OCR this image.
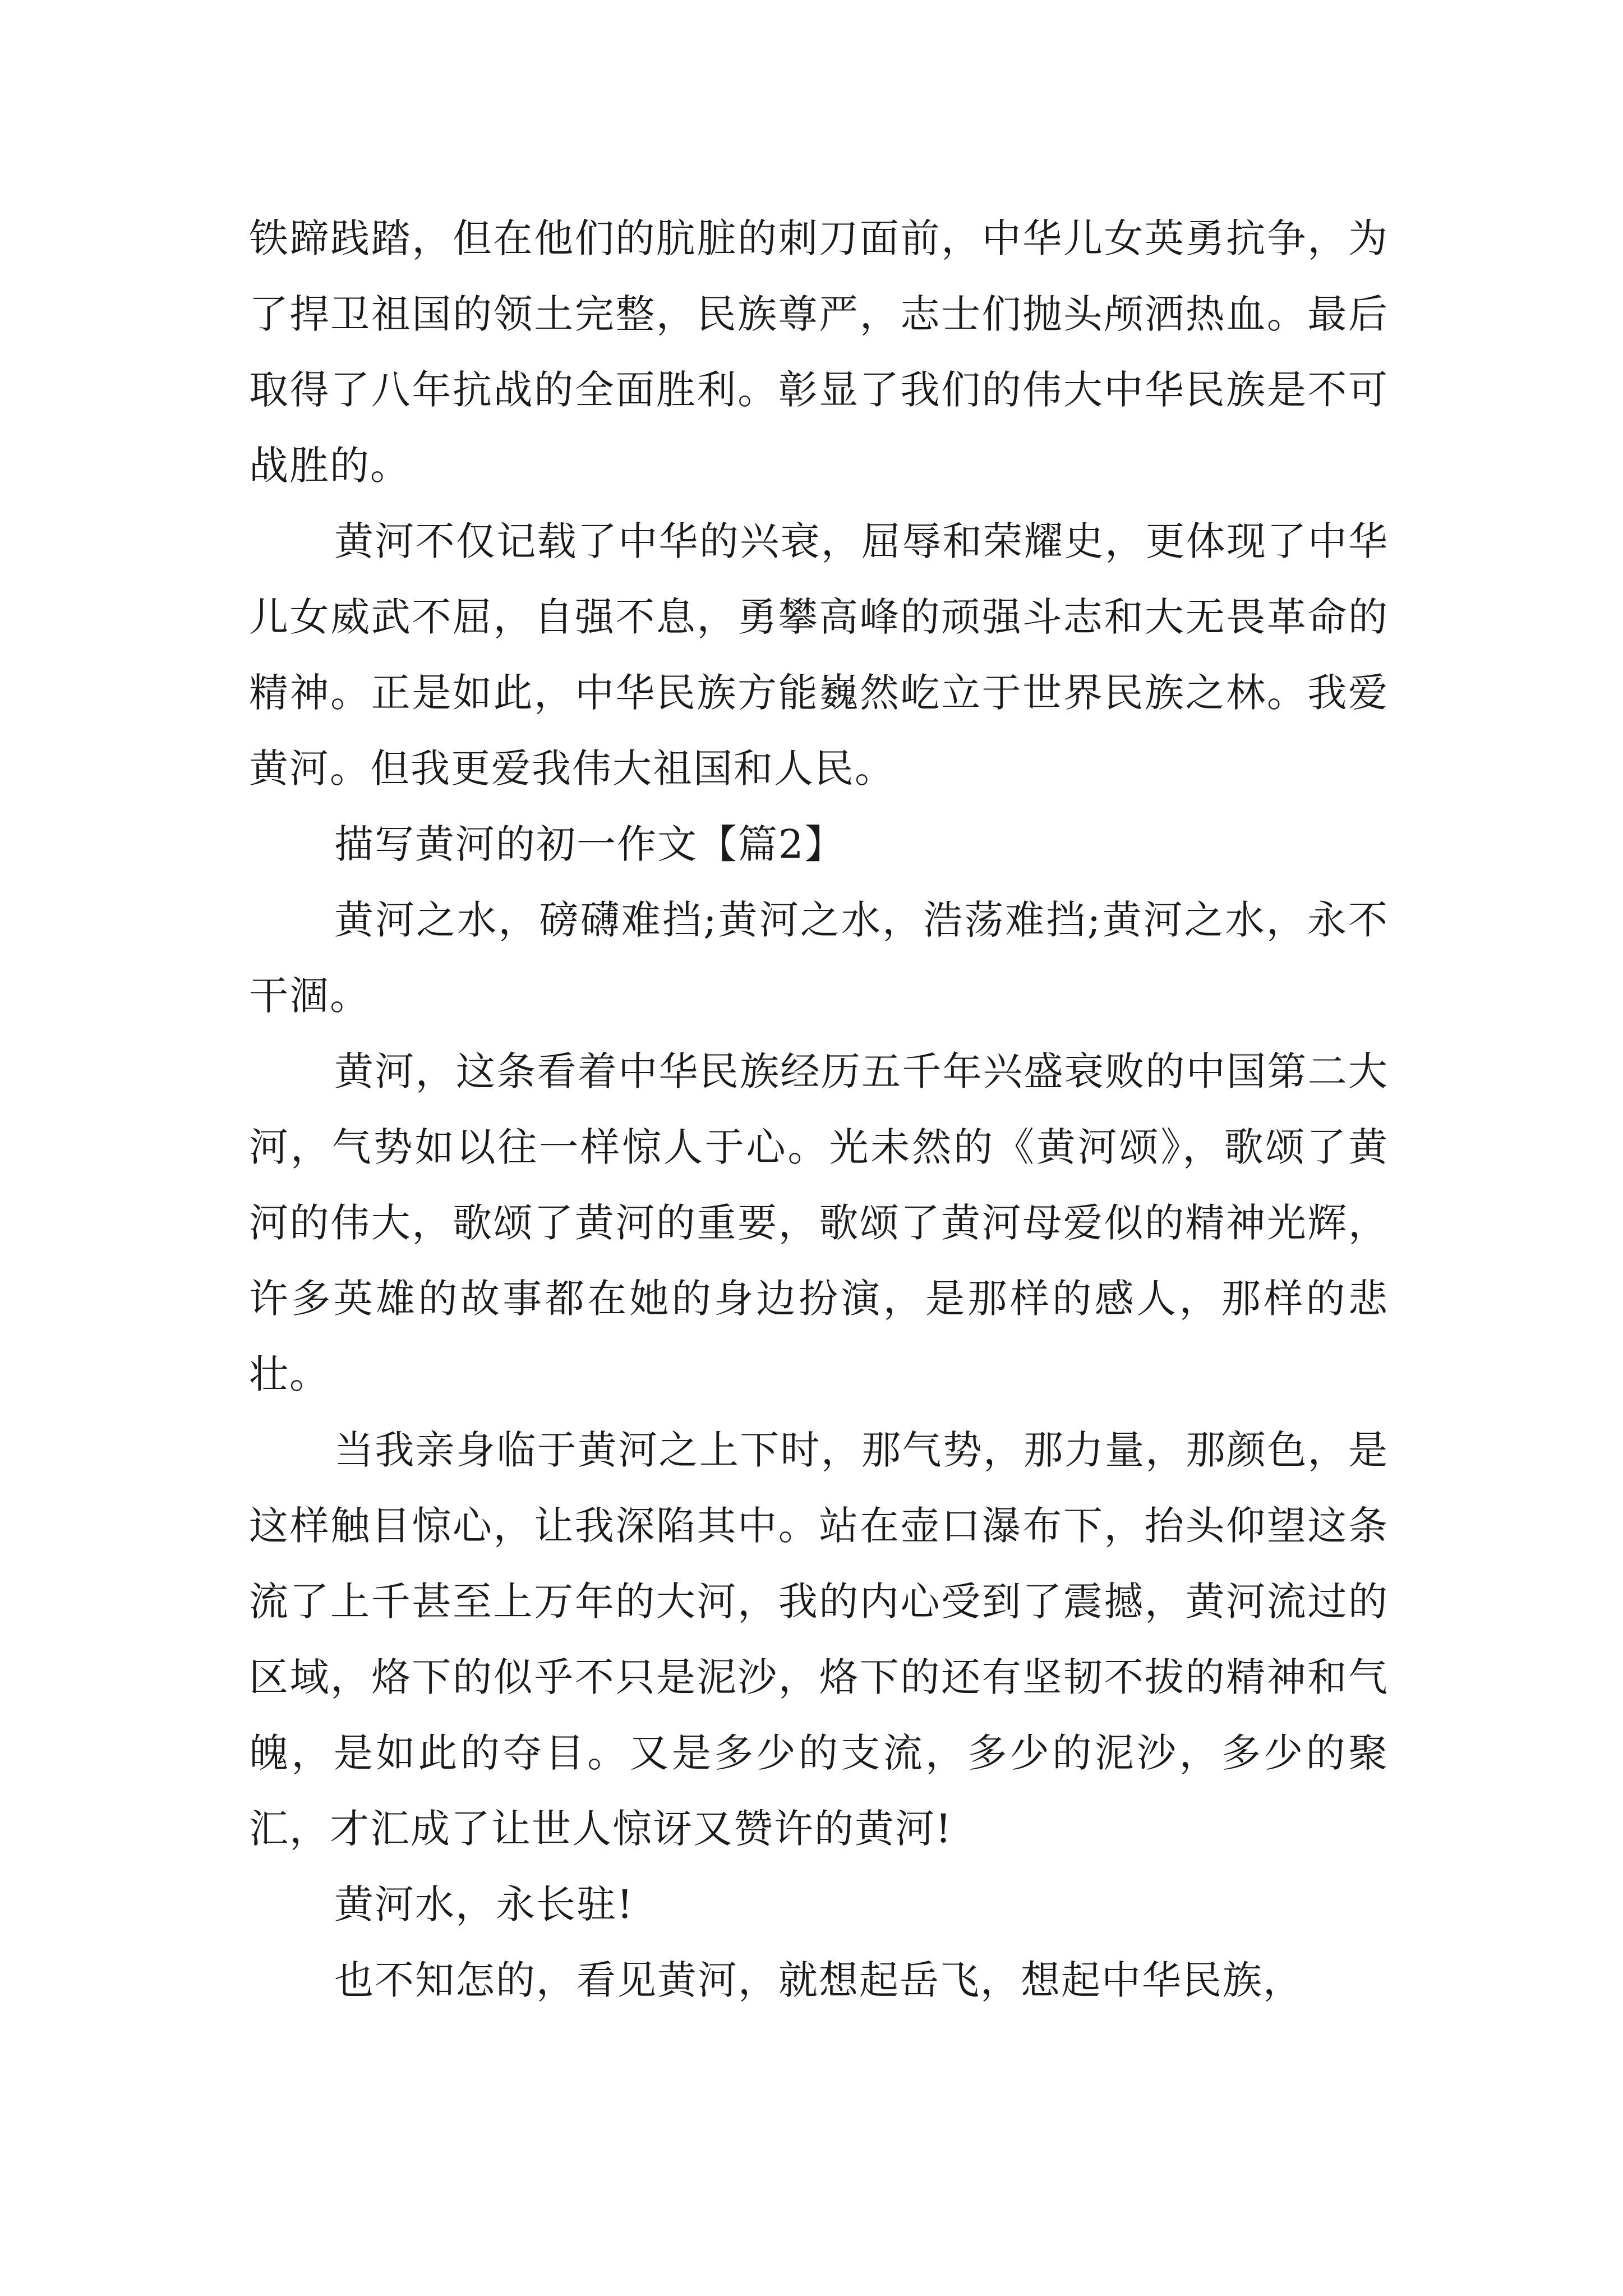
铁蹄践踏，但在他们的肮脏的刺刀面前，中华儿女英勇抗争，为了捍卫祖国的领土完整，民族尊严，志士们抛头颅洒热血。最后取得了八年抗战的全面胜利。彰显了我们的伟大中华民族是不可战胜的。

黄河不仅记载了中华的兴衰，屈辱和荣耀史，更体现了中华儿女威武不屈，自强不息，勇攀高峰的顽强斗志和大无畏革命的精神。正是如此，中华民族方能巍然屹立于世界民族之林。我爱黄河。但我更爱我伟大祖国和人民。

描写黄河的初一作文【篇2】

黄河之水，磅礴难挡;黄河之水，浩荡难挡;黄河之水，永不干涸。

黄河，这条看着中华民族经历五千年兴盛衰败的中国第二大河，气势如以往一样惊人于心。光未然的《黄河颂》，歌颂了黄河的伟大，歌颂了黄河的重要，歌颂了黄河母爱似的精神光辉，许多英雄的故事都在她的身边扮演，是那样的感人，那样的悲壮。

当我亲身临于黄河之上下时，那气势，那力量，那颜色，是这样触目惊心，让我深陷其中。站在壶口瀑布下，抬头仰望这条流了上千甚至上万年的大河，我的内心受到了震撼，黄河流过的区域，烙下的似乎不只是泥沙，烙下的还有坚韧不拔的精神和气魄，是如此的夺目。又是多少的支流，多少的泥沙，多少的聚汇，才汇成了让世人惊讶又赞许的黄河!

黄河水，永长驻!

也不知怎的，看见黄河，就想起岳飞，想起中华民族，
